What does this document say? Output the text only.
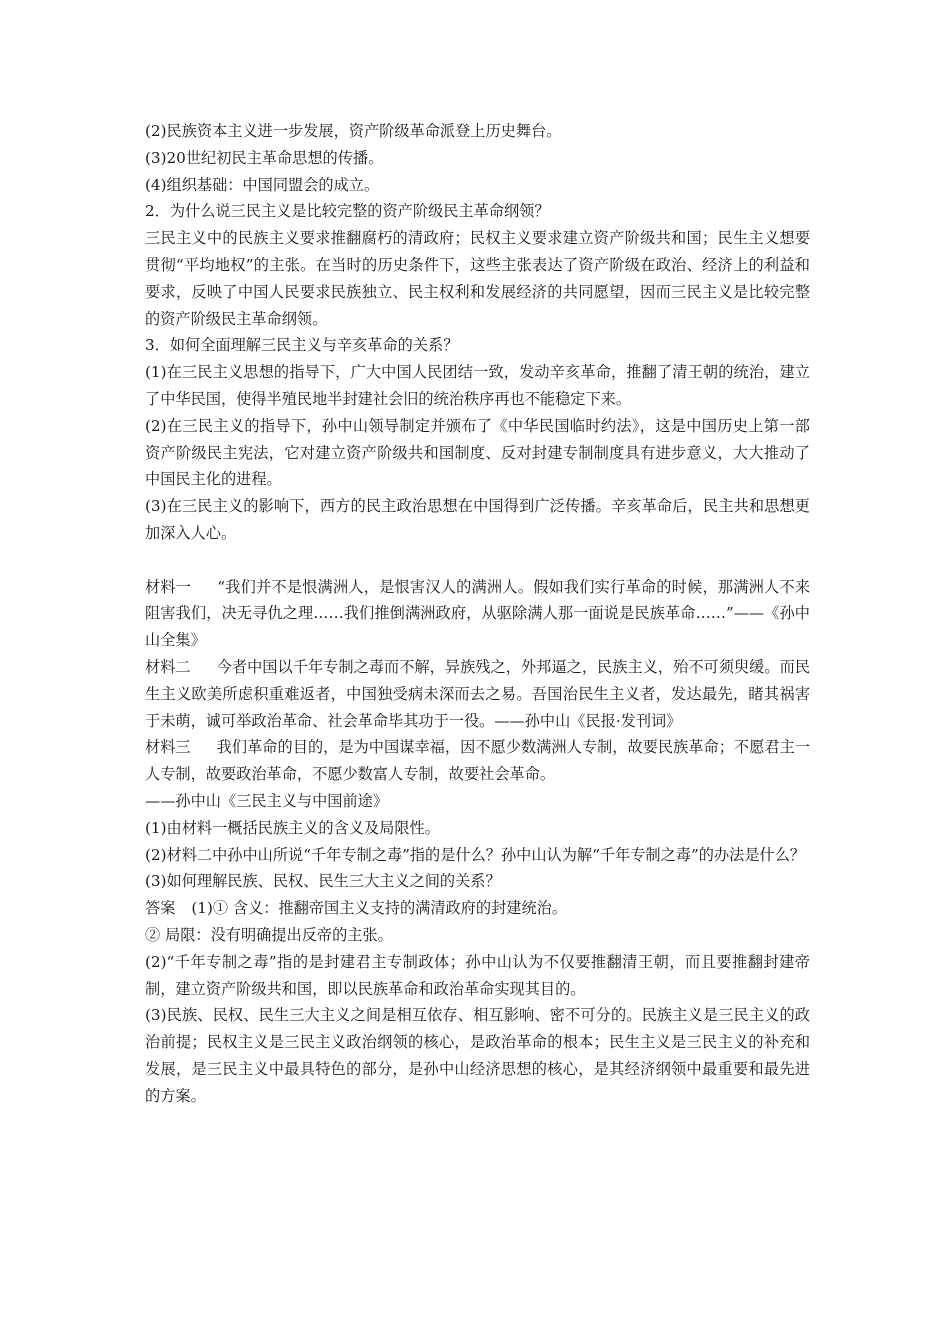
(2)民族资本主义进一步发展，资产阶级革命派登上历史舞台。

(3)20世纪初民主革命思想的传播。

(4)组织基础：中国同盟会的成立。

2．为什么说三民主义是比较完整的资产阶级民主革命纲领？

三民主义中的民族主义要求推翻腐朽的清政府；民权主义要求建立资产阶级共和国；民生主义想要贯彻“平均地权”的主张。在当时的历史条件下，这些主张表达了资产阶级在政治、经济上的利益和要求，反映了中国人民要求民族独立、民主权利和发展经济的共同愿望，因而三民主义是比较完整的资产阶级民主革命纲领。

3．如何全面理解三民主义与辛亥革命的关系？

(1)在三民主义思想的指导下，广大中国人民团结一致，发动辛亥革命，推翻了清王朝的统治，建立了中华民国，使得半殖民地半封建社会旧的统治秩序再也不能稳定下来。

(2)在三民主义的指导下，孙中山领导制定并颁布了《中华民国临时约法》，这是中国历史上第一部资产阶级民主宪法，它对建立资产阶级共和国制度、反对封建专制制度具有进步意义，大大推动了中国民主化的进程。

(3)在三民主义的影响下，西方的民主政治思想在中国得到广泛传播。辛亥革命后，民主共和思想更加深入人心。

材料一 “我们并不是恨满洲人，是恨害汉人的满洲人。假如我们实行革命的时候，那满洲人不来阻害我们，决无寻仇之理……我们推倒满洲政府，从驱除满人那一面说是民族革命……”——《孙中山全集》

材料二 今者中国以千年专制之毒而不解，异族残之，外邦逼之，民族主义，殆不可须臾缓。而民生主义欧美所虑积重难返者，中国独受病未深而去之易。吾国治民生主义者，发达最先，睹其祸害于未萌，诚可举政治革命、社会革命毕其功于一役。——孙中山《民报·发刊词》

材料三 我们革命的目的，是为中国谋幸福，因不愿少数满洲人专制，故要民族革命；不愿君主一人专制，故要政治革命，不愿少数富人专制，故要社会革命。

——孙中山《三民主义与中国前途》

(1)由材料一概括民族主义的含义及局限性。

(2)材料二中孙中山所说“千年专制之毒”指的是什么？孙中山认为解“千年专制之毒”的办法是什么？

(3)如何理解民族、民权、民生三大主义之间的关系？

答案 (1)① 含义：推翻帝国主义支持的满清政府的封建统治。

② 局限：没有明确提出反帝的主张。

(2)“千年专制之毒”指的是封建君主专制政体；孙中山认为不仅要推翻清王朝，而且要推翻封建帝制，建立资产阶级共和国，即以民族革命和政治革命实现其目的。

(3)民族、民权、民生三大主义之间是相互依存、相互影响、密不可分的。民族主义是三民主义的政治前提；民权主义是三民主义政治纲领的核心，是政治革命的根本；民生主义是三民主义的补充和发展，是三民主义中最具特色的部分，是孙中山经济思想的核心，是其经济纲领中最重要和最先进的方案。
